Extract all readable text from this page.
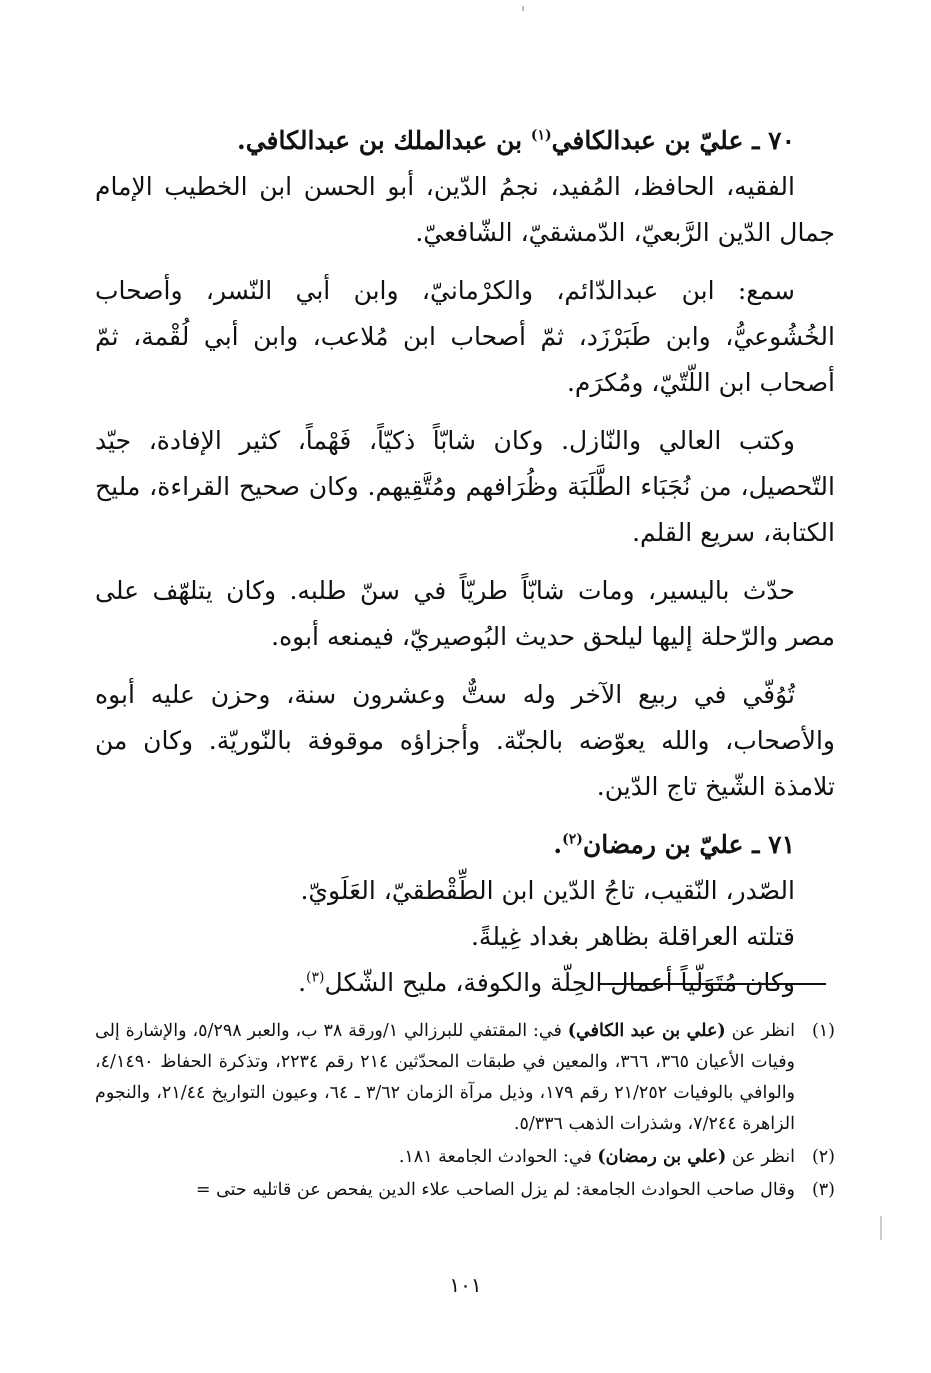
٧٠ ـ عليّ بن عبدالكافي$^{(١)}$ بن عبدالملك بن عبدالكافي.

الفقيه، الحافظ، المُفيد، نجمُ الدّين، أبو الحسن ابن الخطيب الإمام جمال الدّين الرَّبعيّ، الدّمشقيّ، الشّافعيّ.

سمع: ابن عبدالدّائم، والكرْمانيّ، وابن أبي النّسر، وأصحاب الخُشُوعيُّ، وابن طَبَرْزَد، ثمّ أصحاب ابن مُلاعب، وابن أبي لُقْمة، ثمّ أصحاب ابن اللّتّيّ، ومُكرَم.

وكتب العالي والنّازل. وكان شابّاً ذكيّاً، فَهْماً، كثير الإفادة، جيّد التّحصيل، من نُجَبَاء الطَّلَبَة وظُرَافهم ومُتَّقِيهم. وكان صحيح القراءة، مليح الكتابة، سريع القلم.

حدّث باليسير، ومات شابّاً طريّاً في سنّ طلبه. وكان يتلهّف على مصر والرّحلة إليها ليلحق حديث البُوصيريّ، فيمنعه أبوه.

تُوُفّي في ربيع الآخر وله ستٌّ وعشرون سنة، وحزن عليه أبوه والأصحاب، والله يعوّضه بالجنّة. وأجزاؤه موقوفة بالنّوريّة. وكان من تلامذة الشّيخ تاج الدّين.

٧١ ـ عليّ بن رمضان$^{(٢)}$.

الصّدر، النّقيب، تاجُ الدّين ابن الطِّقْطقيّ، العَلَويّ.

قتلته العراقلة بظاهر بغداد غِيلةً.

وكان مُتَوَلّياً أعمال الحِلّة والكوفة، مليح الشّكل$^{(٣)}$.

(١)
انظر عن (علي بن عبد الكافي) في: المقتفي للبرزالي ١/ورقة ٣٨ ب، والعبر ٥/٢٩٨، والإشارة إلى وفيات الأعيان ٣٦٥، ٣٦٦، والمعين في طبقات المحدّثين ٢١٤ رقم ٢٢٣٤، وتذكرة الحفاظ ٤/١٤٩٠، والوافي بالوفيات ٢١/٢٥٢ رقم ١٧٩، وذيل مرآة الزمان ٣/٦٢ ـ ٦٤، وعيون التواريخ ٢١/٤٤، والنجوم الزاهرة ٧/٢٤٤، وشذرات الذهب ٥/٣٣٦.
(٢)
انظر عن (علي بن رمضان) في: الحوادث الجامعة ١٨١.
(٣)
وقال صاحب الحوادث الجامعة: لم يزل الصاحب علاء الدين يفحص عن قاتليه حتى =
١٠١
